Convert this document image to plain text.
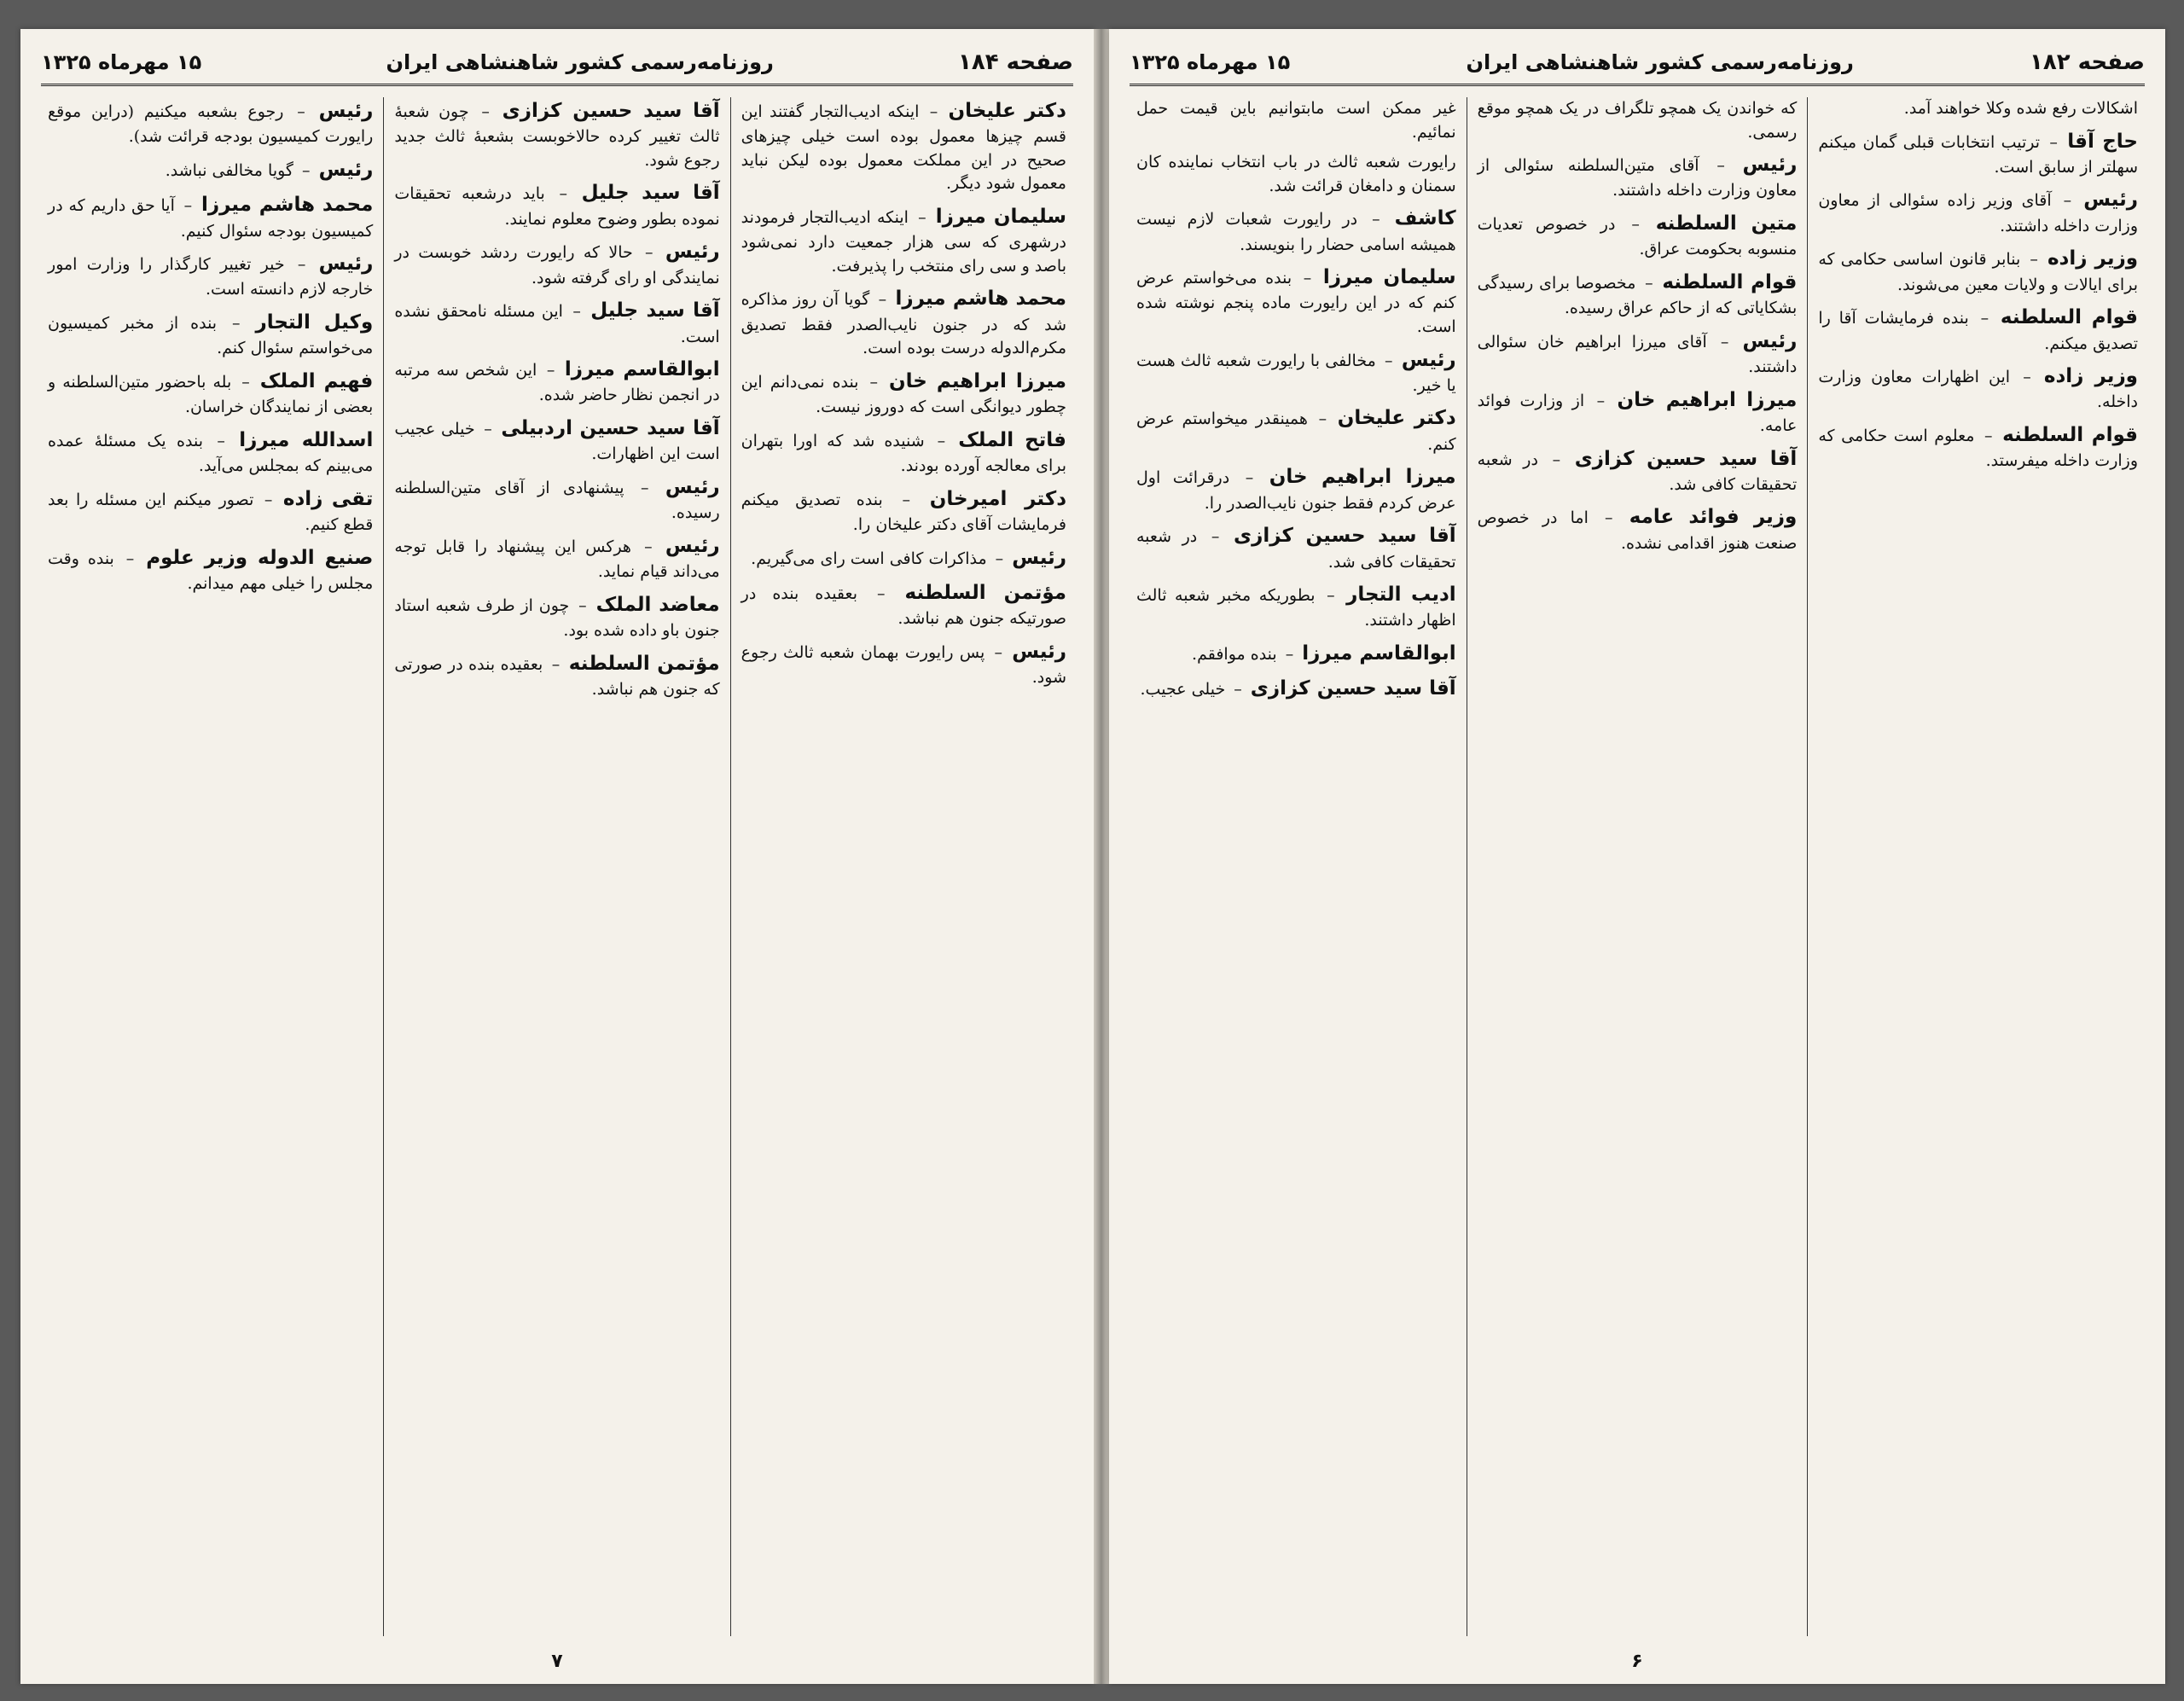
صفحه ۱۸۴
روزنامه‌رسمی کشور شاهنشاهی ایران
۱۵ مهرماه ۱۳۲۵

دکتر علیخان – اینکه ادیب‌التجار گفتند این قسم چیزها معمول بوده است خیلی چیزهای صحیح در این مملکت معمول بوده لیکن نباید معمول شود دیگر.

سلیمان میرزا – اینکه ادیب‌التجار فرمودند درشهری که سی هزار جمعیت دارد نمی‌شود باصد و سی رای منتخب را پذیرفت.

محمد هاشم میرزا – گویا آن روز مذاکره شد که در جنون نایب‌الصدر فقط تصدیق مکرم‌الدوله درست بوده است.

میرزا ابراهیم خان – بنده نمی‌دانم این چطور دیوانگی است که دوروز نیست.

فاتح الملک – شنیده شد که اورا بتهران برای معالجه آورده بودند.

دکتر امیرخان – بنده تصدیق میکنم فرمایشات آقای دکتر علیخان را.

رئیس – مذاکرات کافی است رای می‌گیریم.

مؤتمن السلطنه – بعقیده بنده در صورتیکه جنون هم نباشد.

رئیس – پس رایورت بهمان شعبه ثالث رجوع شود.

آقا سید حسین کزازی – چون شعبهٔ ثالث تغییر کرده حالاخوبست بشعبهٔ ثالث جدید رجوع شود.

آقا سید جلیل – باید درشعبه تحقیقات نموده بطور وضوح معلوم نمایند.

رئیس – حالا که رایورت ردشد خوبست در نمایندگی او رای گرفته شود.

آقا سید جلیل – این مسئله نامحقق نشده است.

ابوالقاسم میرزا – این شخص سه مرتبه در انجمن نظار حاضر شده.

آقا سید حسین اردبیلی – خیلی عجیب است این اظهارات.

رئیس – پیشنهادی از آقای متین‌السلطنه رسیده.

رئیس – هرکس این پیشنهاد را قابل توجه می‌داند قیام نماید.

معاضد الملک – چون از طرف شعبه استاد جنون باو داده شده بود.

مؤتمن السلطنه – بعقیده بنده در صورتی که جنون هم نباشد.

رئیس – رجوع بشعبه میکنیم (دراین موقع رایورت کمیسیون بودجه قرائت شد).

رئیس – گویا مخالفی نباشد.

محمد هاشم میرزا – آیا حق داریم که در کمیسیون بودجه سئوال کنیم.

رئیس – خیر تغییر کارگذار را وزارت امور خارجه لازم دانسته است.

وکیل التجار – بنده از مخبر کمیسیون می‌خواستم سئوال کنم.

فهیم الملک – بله باحضور متین‌السلطنه و بعضی از نمایندگان خراسان.

اسدالله میرزا – بنده یک مسئلهٔ عمده می‌بینم که بمجلس می‌آید.

تقی زاده – تصور میکنم این مسئله را بعد قطع کنیم.

صنیع الدوله وزیر علوم – بنده وقت مجلس را خیلی مهم میدانم.

۷
صفحه ۱۸۲
روزنامه‌رسمی کشور شاهنشاهی ایران
۱۵ مهرماه ۱۳۲۵

اشکالات رفع شده وکلا خواهند آمد.

حاج آقا – ترتیب انتخابات قبلی گمان میکنم سهلتر از سابق است.

رئیس – آقای وزیر زاده سئوالی از معاون وزارت داخله داشتند.

وزیر زاده – بنابر قانون اساسی حکامی که برای ایالات و ولایات معین می‌شوند.

قوام السلطنه – بنده فرمایشات آقا را تصدیق میکنم.

وزیر زاده – این اظهارات معاون وزارت داخله.

قوام السلطنه – معلوم است حکامی که وزارت داخله میفرستد.

که خواندن یک همچو تلگراف در یک همچو موقع رسمی.

رئیس – آقای متین‌السلطنه سئوالی از معاون وزارت داخله داشتند.

متین السلطنه – در خصوص تعدیات منسوبه بحکومت عراق.

قوام السلطنه – مخصوصا برای رسیدگی بشکایاتی که از حاکم عراق رسیده.

رئیس – آقای میرزا ابراهیم خان سئوالی داشتند.

میرزا ابراهیم خان – از وزارت فوائد عامه.

آقا سید حسین کزازی – در شعبه تحقیقات کافی شد.

وزیر فوائد عامه – اما در خصوص صنعت هنوز اقدامی نشده.

غیر ممکن است مابتوانیم باین قیمت حمل نمائیم.

رایورت شعبه ثالث در باب انتخاب نماینده کان سمنان و دامغان قرائت شد.

کاشف – در رایورت شعبات لازم نیست همیشه اسامی حضار را بنویسند.

سلیمان میرزا – بنده می‌خواستم عرض کنم که در این رایورت ماده پنجم نوشته شده است.

رئیس – مخالفی با رایورت شعبه ثالث هست یا خیر.

دکتر علیخان – همینقدر میخواستم عرض کنم.

میرزا ابراهیم خان – درقرائت اول عرض کردم فقط جنون نایب‌الصدر را.

آقا سید حسین کزازی – در شعبه تحقیقات کافی شد.

ادیب التجار – بطوریکه مخبر شعبه ثالث اظهار داشتند.

ابوالقاسم میرزا – بنده موافقم.

آقا سید حسین کزازی – خیلی عجیب.

۶
